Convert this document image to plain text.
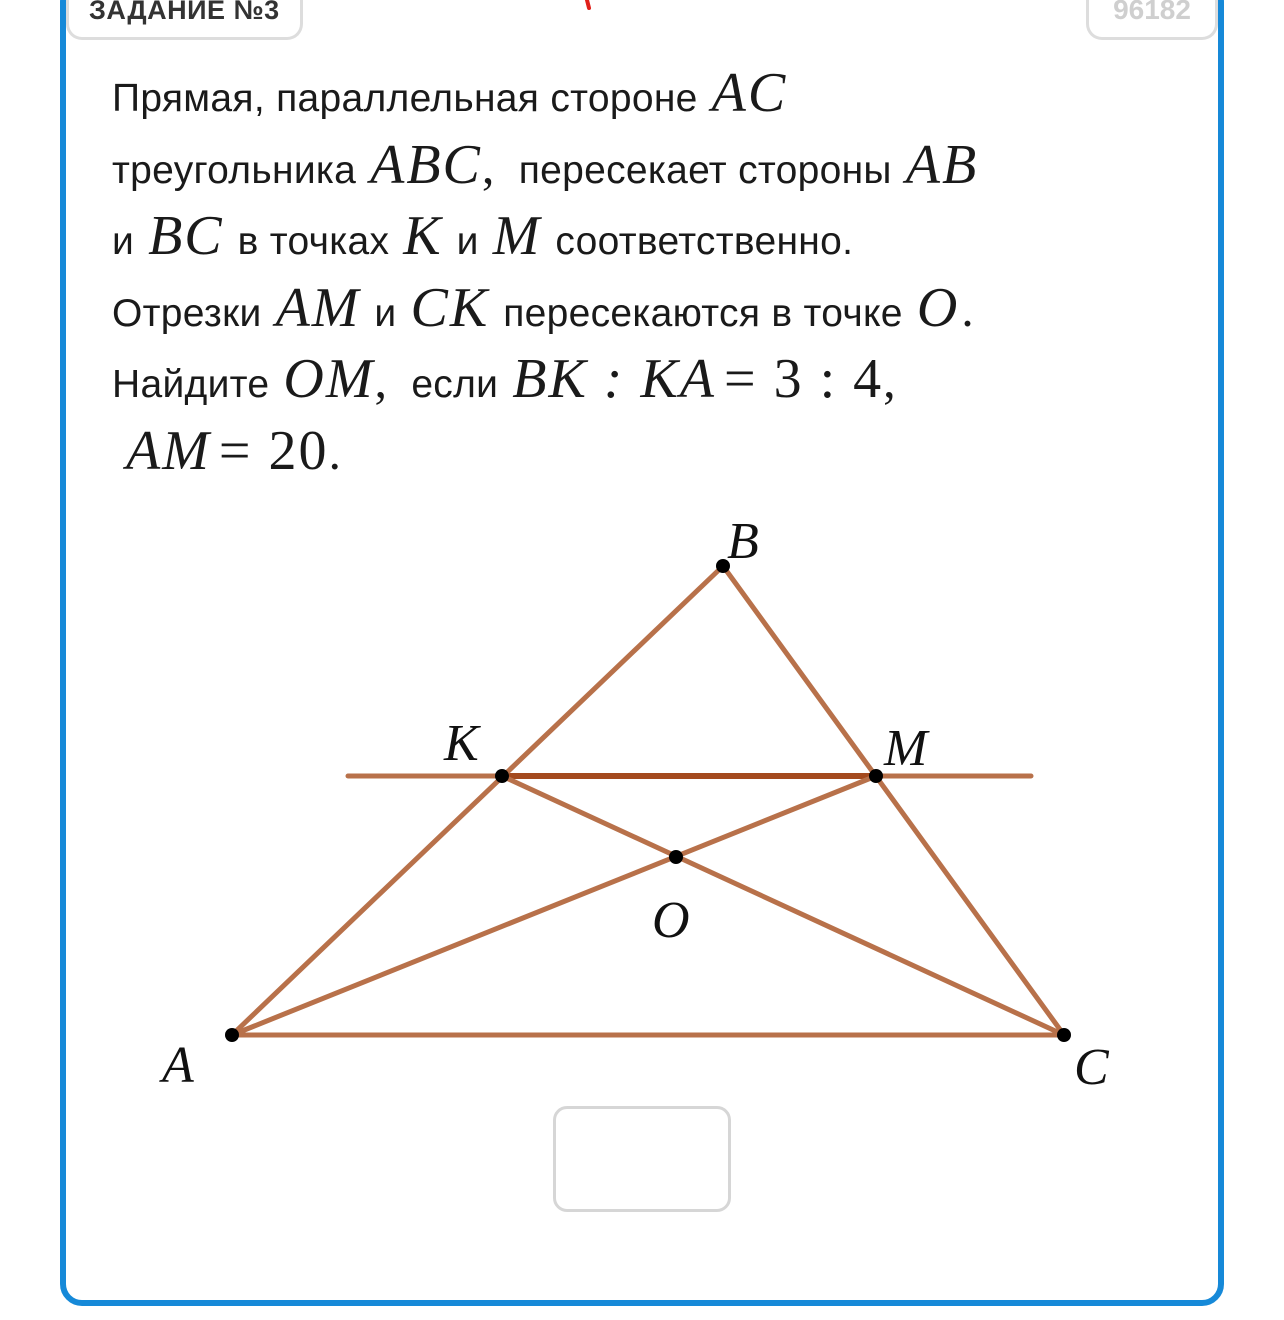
ЗАДАНИЕ №3	96182
Прямая, параллельная стороне AC
треугольника ABC, пересекает стороны AB
и BC в точках K и M соответственно.
Отрезки AM и CK пересекаются в точке O.
Найдите OM, если BK : KA = 3 : 4,
AM = 20.
A
B
C
K	M
O
